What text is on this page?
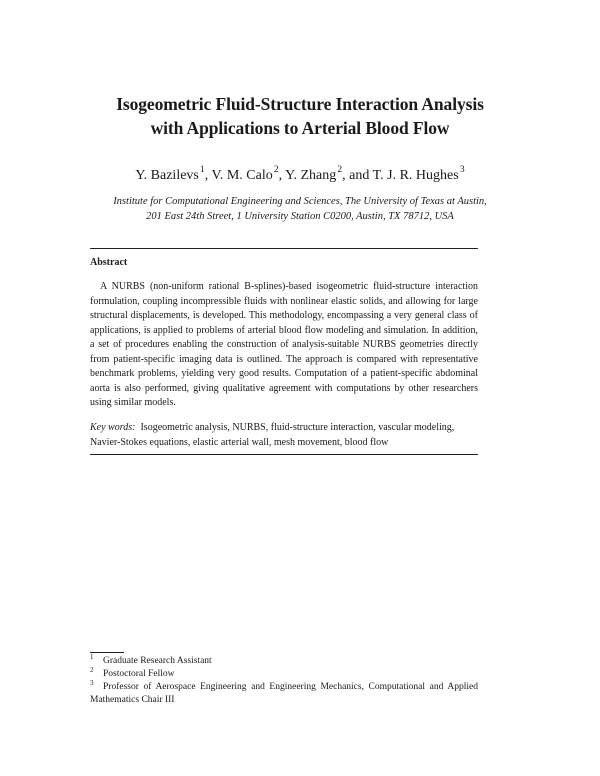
Isogeometric Fluid-Structure Interaction Analysis
with Applications to Arterial Blood Flow
Y. Bazilevs $^1$, V. M. Calo $^2$, Y. Zhang $^2$, and T. J. R. Hughes $^3$
Institute for Computational Engineering and Sciences, The University of Texas at Austin,
201 East 24th Street, 1 University Station C0200, Austin, TX 78712, USA
Abstract
A NURBS (non-uniform rational B-splines)-based isogeometric fluid-structure interaction formulation, coupling incompressible fluids with nonlinear elastic solids, and allowing for large structural displacements, is developed. This methodology, encompassing a very general class of applications, is applied to problems of arterial blood flow modeling and simulation. In addition, a set of procedures enabling the construction of analysis-suitable NURBS geometries directly from patient-specific imaging data is outlined. The approach is compared with representative benchmark problems, yielding very good results. Computation of a patient-specific abdominal aorta is also performed, giving qualitative agreement with computations by other researchers using similar models.
Key words: Isogeometric analysis, NURBS, fluid-structure interaction, vascular modeling, Navier-Stokes equations, elastic arterial wall, mesh movement, blood flow

1 Graduate Research Assistant

2 Postoctoral Fellow

3 Professor of Aerospace Engineering and Engineering Mechanics, Computational and Applied Mathematics Chair III
